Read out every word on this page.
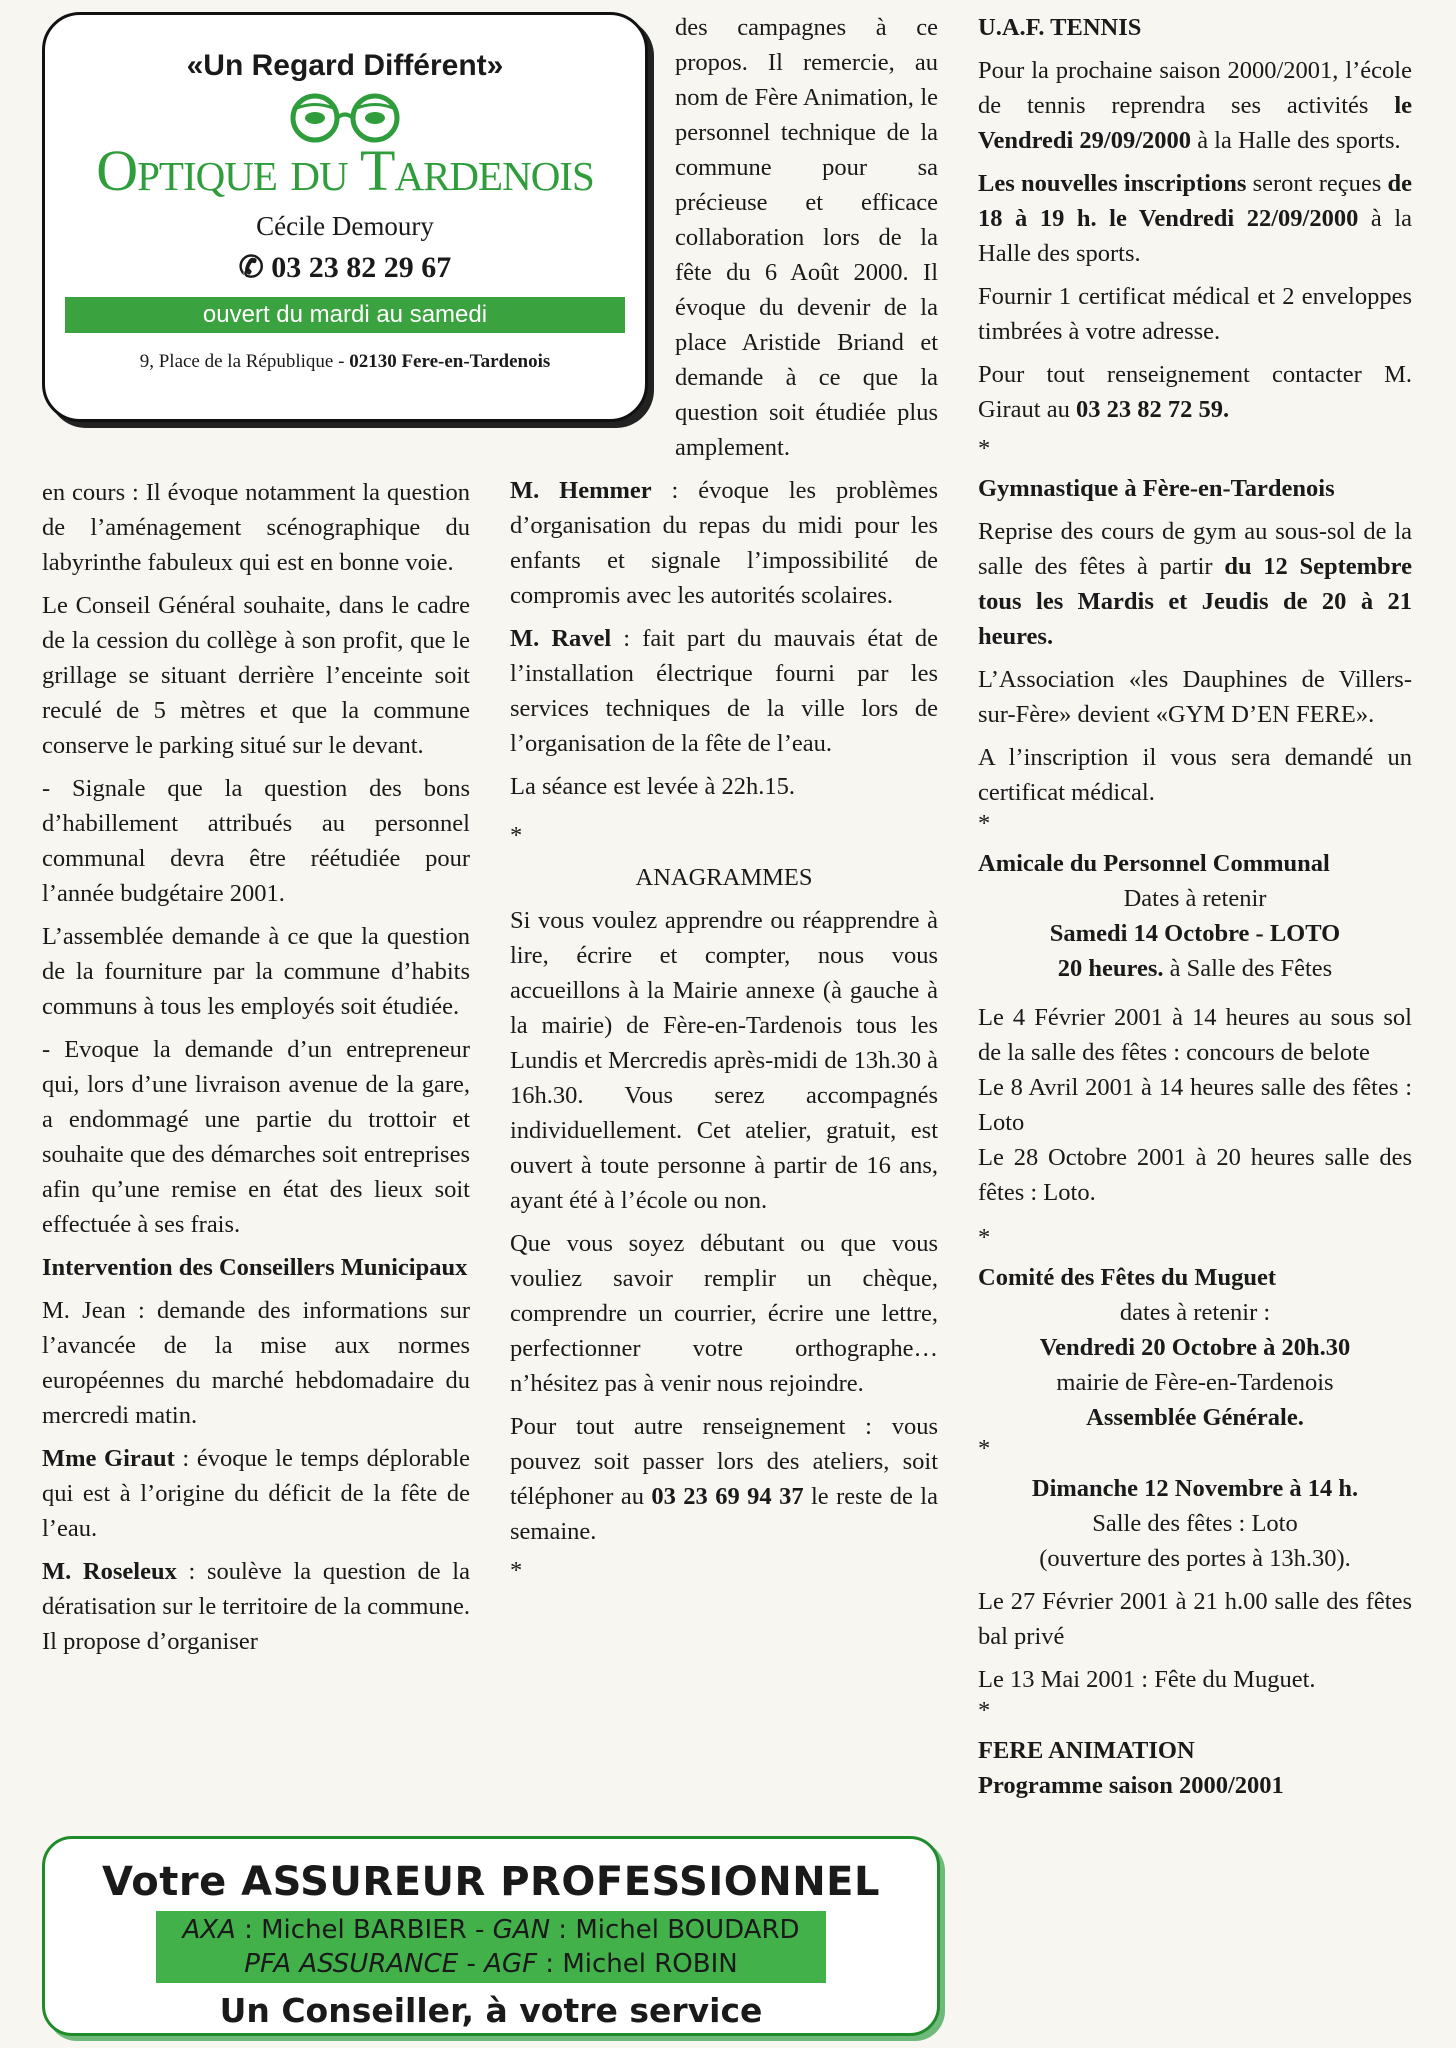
«Un Regard Différent»
Optique du Tardenois
Cécile Demoury
✆ 03 23 82 29 67
ouvert du mardi au samedi
9, Place de la République - 02130 Fere-en-Tardenois

en cours : Il évoque notamment la question de l’aménagement scénographique du labyrinthe fabuleux qui est en bonne voie.

Le Conseil Général souhaite, dans le cadre de la cession du collège à son profit, que le grillage se situant derrière l’enceinte soit reculé de 5 mètres et que la commune conserve le parking situé sur le devant.

- Signale que la question des bons d’habillement attribués au personnel communal devra être réétudiée pour l’année budgétaire 2001.

L’assemblée demande à ce que la question de la fourniture par la commune d’habits communs à tous les employés soit étudiée.

- Evoque la demande d’un entrepreneur qui, lors d’une livraison avenue de la gare, a endommagé une partie du trottoir et souhaite que des démarches soit entreprises afin qu’une remise en état des lieux soit effectuée à ses frais.

Intervention des Conseillers Municipaux

M. Jean : demande des informations sur l’avancée de la mise aux normes européennes du marché hebdomadaire du mercredi matin.

Mme Giraut : évoque le temps déplorable qui est à l’origine du déficit de la fête de l’eau.

M. Roseleux : soulève la question de la dératisation sur le territoire de la commune. Il propose d’organiser

des campagnes à ce propos. Il remercie, au nom de Fère Animation, le personnel technique de la commune pour sa précieuse et efficace collaboration lors de la fête du 6 Août 2000. Il évoque du devenir de la place Aristide Briand et demande à ce que la question soit étudiée plus amplement.

M. Hemmer : évoque les problèmes d’organisation du repas du midi pour les enfants et signale l’impossibilité de compromis avec les autorités scolaires.

M. Ravel : fait part du mauvais état de l’installation électrique fourni par les services techniques de la ville lors de l’organisation de la fête de l’eau.

La séance est levée à 22h.15.

*

ANAGRAMMES

Si vous voulez apprendre ou réapprendre à lire, écrire et compter, nous vous accueillons à la Mairie annexe (à gauche à la mairie) de Fère-en-Tardenois tous les Lundis et Mercredis après-midi de 13h.30 à 16h.30. Vous serez accompagnés individuellement. Cet atelier, gratuit, est ouvert à toute personne à partir de 16 ans, ayant été à l’école ou non.

Que vous soyez débutant ou que vous vouliez savoir remplir un chèque, comprendre un courrier, écrire une lettre, perfectionner votre orthographe… n’hésitez pas à venir nous rejoindre.

Pour tout autre renseignement : vous pouvez soit passer lors des ateliers, soit téléphoner au 03 23 69 94 37 le reste de la semaine.

*

U.A.F. TENNIS

Pour la prochaine saison 2000/2001, l’école de tennis reprendra ses activités le Vendredi 29/09/2000 à la Halle des sports.

Les nouvelles inscriptions seront reçues de 18 à 19 h. le Vendredi 22/09/2000 à la Halle des sports.

Fournir 1 certificat médical et 2 enveloppes timbrées à votre adresse.

Pour tout renseignement contacter M. Giraut au 03 23 82 72 59.

*

Gymnastique à Fère-en-Tardenois

Reprise des cours de gym au sous-sol de la salle des fêtes à partir du 12 Septembre tous les Mardis et Jeudis de 20 à 21 heures.

L’Association «les Dauphines de Villers-sur-Fère» devient «GYM D’EN FERE».

A l’inscription il vous sera demandé un certificat médical.

*

Amicale du Personnel Communal

Dates à retenir

Samedi 14 Octobre - LOTO

20 heures. à Salle des Fêtes

Le 4 Février 2001 à 14 heures au sous sol de la salle des fêtes : concours de belote

Le 8 Avril 2001 à 14 heures salle des fêtes : Loto

Le 28 Octobre 2001 à 20 heures salle des fêtes : Loto.

*

Comité des Fêtes du Muguet

dates à retenir :

Vendredi 20 Octobre à 20h.30

mairie de Fère-en-Tardenois

Assemblée Générale.

*

Dimanche 12 Novembre à 14 h.

Salle des fêtes : Loto

(ouverture des portes à 13h.30).

Le 27 Février 2001 à 21 h.00 salle des fêtes bal privé

Le 13 Mai 2001 : Fête du Muguet.

*

FERE ANIMATION

Programme saison 2000/2001

Votre ASSUREUR PROFESSIONNEL
AXA : Michel BARBIER - GAN : Michel BOUDARD
PFA ASSURANCE - AGF : Michel ROBIN
Un Conseiller, à votre service
